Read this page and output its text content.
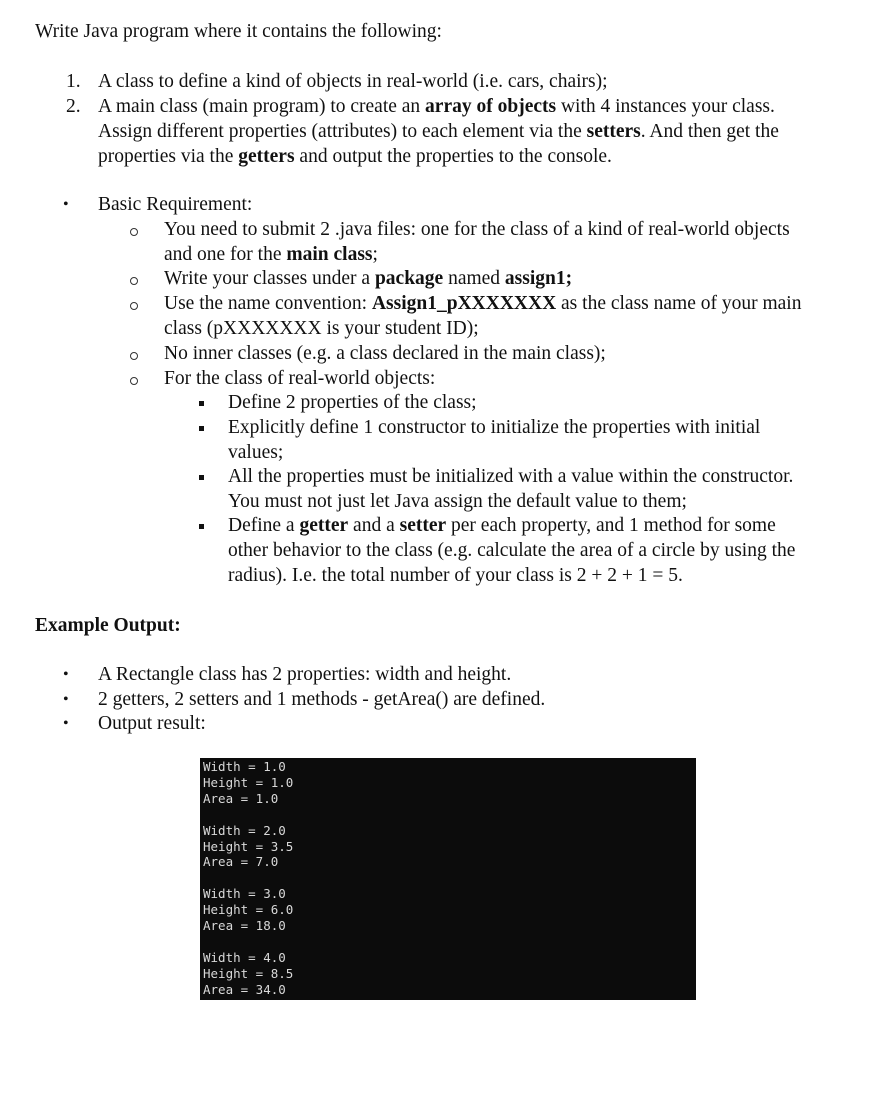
Write Java program where it contains the following:
1. A class to define a kind of objects in real-world (i.e. cars, chairs);
2. A main class (main program) to create an array of objects with 4 instances your class.
Assign different properties (attributes) to each element via the setters. And then get the
properties via the getters and output the properties to the console.
• Basic Requirement:
You need to submit 2 .java files: one for the class of a kind of real-world objects
and one for the main class;
Write your classes under a package named assign1;
Use the name convention: Assign1_pXXXXXXX as the class name of your main
class (pXXXXXXX is your student ID);
No inner classes (e.g. a class declared in the main class);
For the class of real-world objects:
Define 2 properties of the class;
Explicitly define 1 constructor to initialize the properties with initial
values;
All the properties must be initialized with a value within the constructor.
You must not just let Java assign the default value to them;
Define a getter and a setter per each property, and 1 method for some
other behavior to the class (e.g. calculate the area of a circle by using the
radius). I.e. the total number of your class is 2 + 2 + 1 = 5.
Example Output:
• A Rectangle class has 2 properties: width and height.
• 2 getters, 2 setters and 1 methods - getArea() are defined.
• Output result:
Width = 1.0
Height = 1.0
Area = 1.0
Width = 2.0
Height = 3.5
Area = 7.0
Width = 3.0
Height = 6.0
Area = 18.0
Width = 4.0
Height = 8.5
Area = 34.0
